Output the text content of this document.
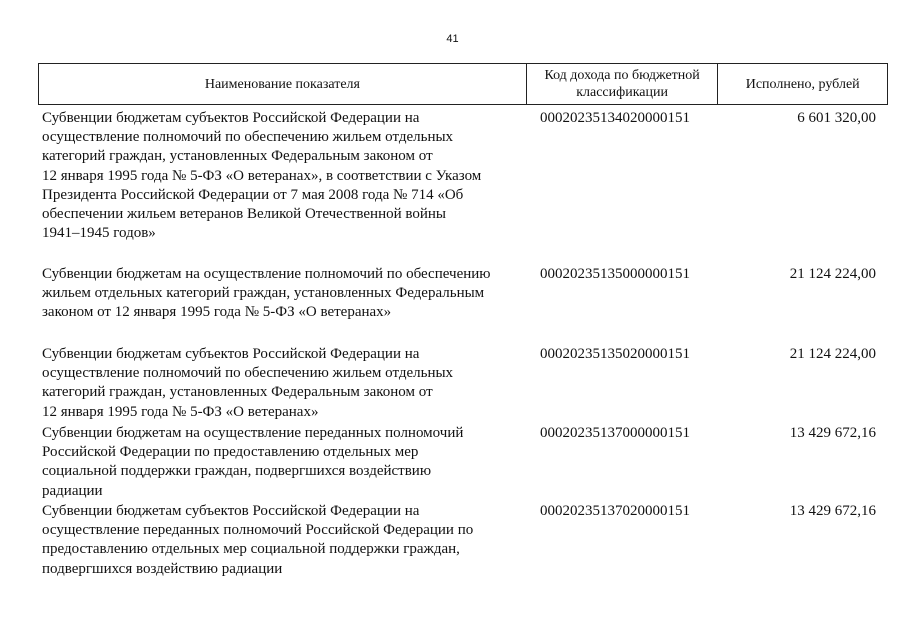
41
Наименование показателя
Код дохода по бюджетной классификации
Исполнено, рублей
Субвенции бюджетам субъектов Российской Федерации на
осуществление полномочий по обеспечению жильем отдельных
категорий граждан, установленных Федеральным законом от
12 января 1995 года № 5-ФЗ «О ветеранах», в соответствии с Указом
Президента Российской Федерации от 7 мая 2008 года № 714 «Об
обеспечении жильем ветеранов Великой Отечественной войны
1941–1945 годов»
00020235134020000151	6 601 320,00
Субвенции бюджетам на осуществление полномочий по обеспечению
жильем отдельных категорий граждан, установленных Федеральным
законом от 12 января 1995 года № 5-ФЗ «О ветеранах»
00020235135000000151	21 124 224,00
Субвенции бюджетам субъектов Российской Федерации на
осуществление полномочий по обеспечению жильем отдельных
категорий граждан, установленных Федеральным законом от
12 января 1995 года № 5-ФЗ «О ветеранах»
00020235135020000151	21 124 224,00
Субвенции бюджетам на осуществление переданных полномочий
Российской Федерации по предоставлению отдельных мер
социальной поддержки граждан, подвергшихся воздействию
радиации
00020235137000000151	13 429 672,16
Субвенции бюджетам субъектов Российской Федерации на
осуществление переданных полномочий Российской Федерации по
предоставлению отдельных мер социальной поддержки граждан,
подвергшихся воздействию радиации
00020235137020000151	13 429 672,16
